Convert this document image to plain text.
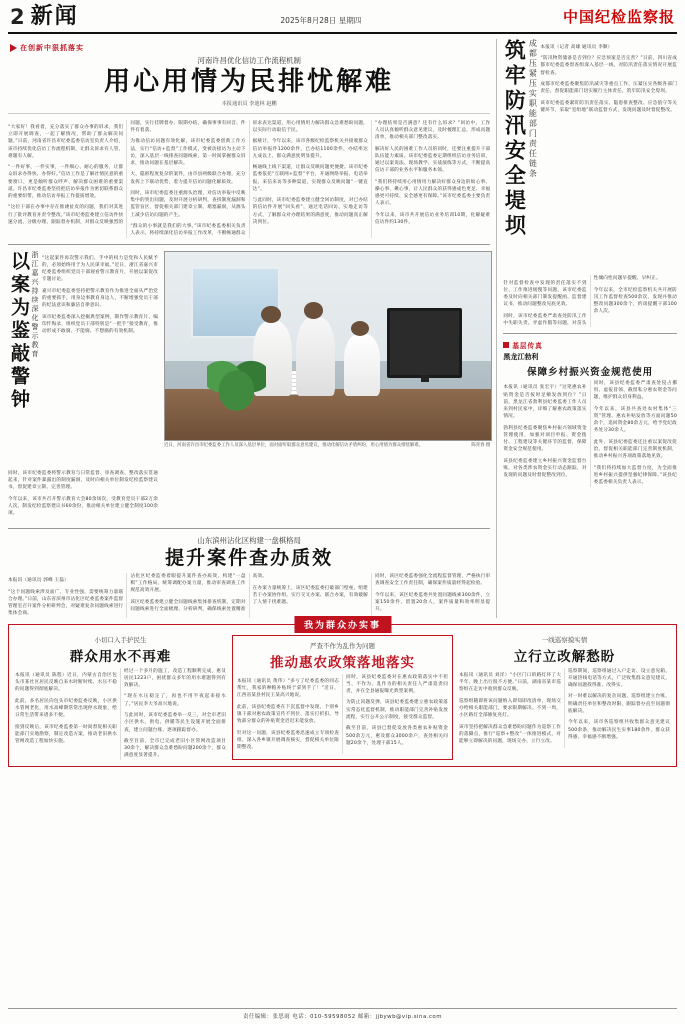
2 新闻	2025年8月28日 星期四	中国纪检监察报
在创新中狠抓落实
河南许昌优化信访工作流程机制
用心用情为民排忧解难
本报通讯员 李迪林 赵鹏

“大家好！我看着，充分落实了群众办事的诉求，我们立即开展调查，一起了解情况，帮助了群众解决问题。”日前，河南省许昌市纪委监委信访室负责人介绍，该市持续优化信访工作流程机制，让群众诉求有人管、难题有人解。

“一件好事，一件实事，一件细心、耐心的服务，让群众诉求办得快、办得好。”信访工作是了解社情民意的重要窗口，更是倾听群众呼声、解决群众困难的重要渠道。许昌市纪委监委坚持把信访举报作为密切联系群众的重要纽带，推动信访举报工作提质增效。

“这位干部在办事中存在推诿扯皮的问题，我们对其进行了批评教育并责令整改。”该市纪委监委建立信访件快速分流、分级办理、跟踪督办机制，对群众反映强烈的问题，实行挂牌督办、限期办结，确保事事有回音、件件有着落。

为推动信访问题有效化解，该市纪委监委创新工作方法，实行“信访+监督”工作模式，变被动接访为主动下访，深入基层一线排查问题线索，第一时间掌握群众诉求，推动问题在基层解决。

大、隐匿程度复杂的案件，由市县两级联合办理，充分发挥上下联动优势，着力提升信访问题化解质效。

同时，该市纪委监委注重源头治理，对信访举报中反映集中的突出问题，及时开展分析研判，查找制度漏洞和监管盲区，督促相关部门建章立制、堵塞漏洞，从源头上减少信访问题的产生。

“群众的小事就是我们的大事。”该市纪委监委相关负责人表示，将持续深化信访举报工作改革，不断畅通群众诉求表达渠道，用心用情用力解决群众急难愁盼问题，以实际行动取信于民。

据统计，今年以来，该市各级纪检监察机关共接收群众信访举报件1200余件，已办结1100余件，办结率达九成以上，群众满意度明显提升。

畅通线上线下渠道，让群众反映问题更便捷。该市纪委监委依托“互联网+监督”平台，开通网络举报、电话举报、来信来访等多种渠道，实现群众反映问题“一键直达”。

与此同时，该市纪委监委建立健全回访制度，对已办结的信访件开展“回头看”，通过电话回访、实地走访等方式，了解群众对办理结果的满意度，推动问题真正解决到位。

“办理结果是否满意？还有什么诉求？”回访中，工作人员认真倾听群众意见建议，及时梳理汇总，形成问题清单，推动相关部门整改落实。

解决好人民的困难工作人员的同时，还要注重提升干部队伍能力素质。该市纪委监委定期组织信访业务培训，通过以案说法、现场教学、实战演练等方式，不断提高信访干部的业务水平和服务本领。

“我们将持续用心用情用力解决好群众身边的烦心事、操心事、揪心事，让人民群众的获得感成色更足、幸福感更可持续、安全感更有保障。”该市纪委监委主要负责人表示。

今年以来，该市共开展信访业务培训10期，化解疑难信访件约130件。

以案为鉴敲警钟 浙江嘉兴持续深化警示教育 “这起案件再次警示我们，手中的权力是党和人民赋予的，必须始终用于为人民谋幸福。”近日，浙江省嘉兴市纪委监委组织党员干部观看警示教育片，开展以案促改专题讨论。

嘉兴市纪委监委坚持把警示教育作为推进全面从严治党的重要抓手，用身边事教育身边人，不断增强党员干部的纪法意识和廉洁自律意识。

该市纪委监委深入挖掘典型案例，制作警示教育片、编印忏悔录，组织党员干部特别是“一把手”接受教育，推动形成不敢腐、不能腐、不想腐的有效机制。

同时，该市纪委监委将警示教育与日常监督、审查调查、整改落实贯通起来，针对案件暴露出的制度漏洞，及时向相关单位制发纪检监察建议书，督促建章立制、完善管理。

今年以来，该市共召开警示教育大会80余场次，受教育党员干部2万余人次，制发纪检监察建议书60余份，推动相关单位建立健全制度100余项。

近日，河南省许昌市纪委监委工作人员深入基层单位，面对面听取群众意见建议，推动化解信访矛盾纠纷，用心用情为群众排忧解难。	陈青春 摄
山东滨州沾化区构建一盘棋格局
提升案件查办质效

本报讯（通讯员 郭峰 王磊）

“这个问题线索涉及面广、专业性强，需要统筹力量联合办理。”日前，山东省滨州市沾化区纪委监委案件监督管理室召开案件分析研判会，对疑难复杂问题线索进行集体会商。

沾化区纪委监委着眼提升案件查办质效，构建“一盘棋”工作格局，统筹调配办案力量，推动审查调查工作规范高效开展。

该区纪委监委建立健全问题线索集体排查机制，定期对问题线索进行全面梳理、分析研判，确保线索处置精准高效。

在办案力量统筹上，该区纪委监委打破部门壁垒，组建若干办案协作组，实行交叉办案、联合办案，有效破解了人情干扰难题。

同时，该区纪委监委强化全流程监督管理，严格执行审查调查安全工作责任制，确保案件质量经得起检验。

今年以来，该区纪委监委共处置问题线索300余件，立案150余件，留置20余人，案件质量和效率明显提升。

筑牢防汛安全堤坝 成都压紧压实职能部门责任链条 本报讯（记者 高雄 通讯员 李顺）

“防汛物资储备是否到位？应急预案是否完善？”日前，四川省成都市纪委监委督查组深入基层一线，对防汛责任落实情况开展监督检查。

成都市纪委监委聚焦防汛减灾等重点工作，压紧压实各级各部门责任，督促职能部门切实履行主体责任，筑牢防汛安全堤坝。

该市纪委监委紧盯防汛责任落实、隐患排查整改、应急值守等关键环节，采取“室组地”联动监督方式，发现问题及时督促整改。

针对监督检查中发现的责任落实不到位、工作推进缓慢等问题，该市纪委监委及时向相关部门制发提醒函、监督建议书，推动问题整改见底见效。

同时，该市纪委监委严肃查处防汛工作中失职失责、弄虚作假等问题，对苗头性倾向性问题早提醒、早纠正。

今年以来，全市纪检监察机关共开展防汛工作监督检查500余次，发现并推动整改问题300余个，约谈提醒干部100余人次。

基层传真
黑龙江勃利
保障乡村振兴资金规范使用

本报讯（通讯员 张宏宇）“这笔惠农补贴资金是否按时足额发放到位？”日前，黑龙江省勃利县纪委监委工作人员来到村民家中，详细了解惠农政策落实情况。

勃利县纪委监委聚焦乡村振兴领域资金管理使用，加强对项目申报、资金拨付、工程建设等关键环节的监督，保障资金安全规范使用。

该县纪委监委建立乡村振兴资金监督台账，对各类涉农资金实行动态跟踪，对发现的问题及时督促整改到位。

同时，该县纪委监委严肃查处侵占挪用、虚报冒领、截留私分惠农资金等问题，维护群众切身利益。

今年以来，该县共查处农村集体“三资”管理、惠农补贴发放等方面问题50余个，追回资金80余万元，给予党纪政务处分30余人。

此外，该县纪委监委还注重以案促改促治，督促相关职能部门完善制度机制，推动乡村振兴各项政策落地见效。

“我们将持续加大监督力度，为全面推进乡村振兴提供坚强纪律保障。”该县纪委监委相关负责人表示。

我为群众办实事
小切口入手护民生
群众用水不再难

本报讯（通讯员 陈程）近日，内蒙古自治区包头市某社区居民反映自来水时断时续、水压不稳的问题得到彻底解决。

此前，多名居民向包头市纪委监委反映，小区供水管网老化，用水高峰期常常出现停水现象，给日常生活带来诸多不便。

接到反映后，该市纪委监委第一时间督促相关职能部门实地勘察，制定改造方案，推动老旧供水管网改造工程加快实施。

经过一个多月的施工，改造工程顺利完成，惠及居民1223户，困扰群众多年的用水难题得到有效解决。

“现在水压稳定了，再也不用半夜起来接水了。”居民李大爷高兴地说。

与此同时，该市纪委监委举一反三，对全市老旧小区供水、供电、供暖等民生设施开展全面排查，建立问题台账，逐项跟踪督办。

截至目前，全市已完成老旧小区管网改造项目30余个，解决群众急难愁盼问题200余个，群众满意度显著提升。

严查不作为乱作为问题
推动惠农政策落地落实

本报讯（通讯员 黄伟）“多亏了纪委监委的同志帮忙，我家的种粮补贴终于拿到手了！”近日，江西省某县村民王某高兴地说。

此前，该县纪委监委在下沉监督中发现，个别乡镇干部对惠农政策宣传不到位、落实打折扣，导致部分群众的补贴资金迟迟未能发放。

针对这一问题，该县纪委监委迅速成立专项检查组，深入各乡镇开展调查核实，督促相关单位限期整改。

同时，该县纪委监委对在惠农政策落实中不担当、不作为、乱作为的相关责任人严肃追责问责，并在全县通报曝光典型案例。

为防止问题反弹，该县纪委监委建立惠农政策落实常态化监督机制，推动职能部门完善补贴发放流程，实行公开公示制度，接受群众监督。

截至目前，该县已督促发放各类惠农补贴资金500余万元，惠及群众3000余户，查处相关问题20余个，处理干部15人。

一线巡察摸实情
立行立改解愁盼

本报讯（通讯员 刘洋）“小区门口的路灯坏了大半年，晚上出行很不方便。”日前，湖南省某市巡察组在走访中收到群众反映。

巡察组随即将该问题纳入即知即改清单，现场交办给相关职能部门，要求限期解决。不到一周，小区路灯全部修复亮灯。

该市坚持把解决群众急难愁盼问题作为巡察工作的落脚点，推行“巡察+整改”一体推进模式，对能够立即解决的问题，现场交办、立行立改。

巡察期间，巡察组通过入户走访、设立意见箱、开通热线电话等方式，广泛收集群众意见建议，确保问题找得准、改得实。

对一时难以解决的复杂问题，巡察组建立台账，明确责任单位和整改时限，跟踪督办直至问题彻底解决。

今年以来，该市各巡察组共收集群众意见建议500余条，推动解决民生实事180余件，群众获得感、幸福感不断增强。

责任编辑：张思雨 电话：010-59598052 邮箱：jjbywb@vip.sina.com
